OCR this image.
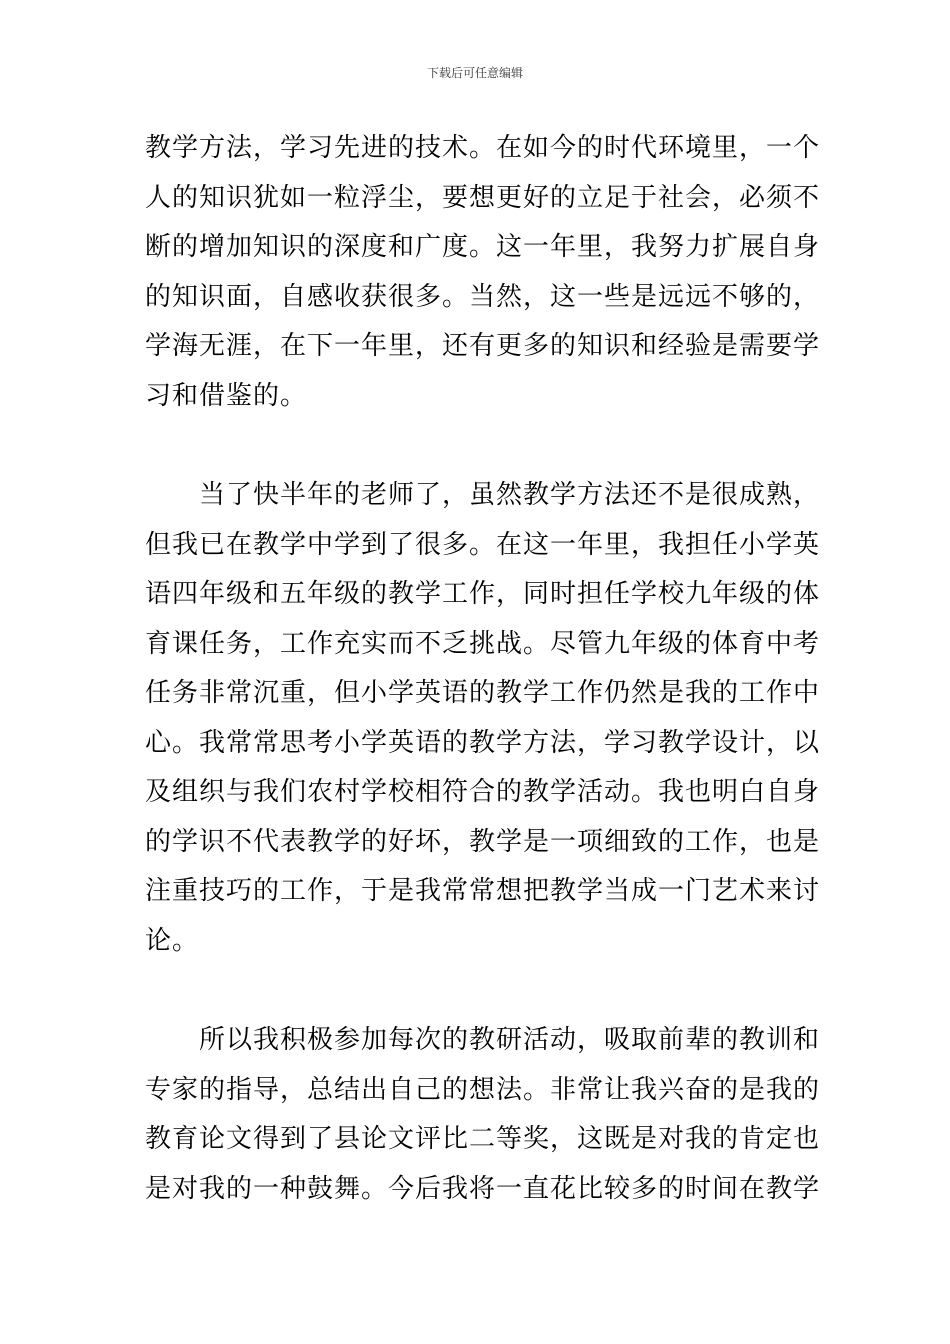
下载后可任意编辑
教学方法，学习先进的技术。在如今的时代环境里，一个
人的知识犹如一粒浮尘，要想更好的立足于社会，必须不
断的增加知识的深度和广度。这一年里，我努力扩展自身
的知识面，自感收获很多。当然，这一些是远远不够的，
学海无涯，在下一年里，还有更多的知识和经验是需要学
习和借鉴的。
当了快半年的老师了，虽然教学方法还不是很成熟，
但我已在教学中学到了很多。在这一年里，我担任小学英
语四年级和五年级的教学工作，同时担任学校九年级的体
育课任务，工作充实而不乏挑战。尽管九年级的体育中考
任务非常沉重，但小学英语的教学工作仍然是我的工作中
心。我常常思考小学英语的教学方法，学习教学设计，以
及组织与我们农村学校相符合的教学活动。我也明白自身
的学识不代表教学的好坏，教学是一项细致的工作，也是
注重技巧的工作，于是我常常想把教学当成一门艺术来讨
论。
所以我积极参加每次的教研活动，吸取前辈的教训和
专家的指导，总结出自己的想法。非常让我兴奋的是我的
教育论文得到了县论文评比二等奖，这既是对我的肯定也
是对我的一种鼓舞。今后我将一直花比较多的时间在教学
